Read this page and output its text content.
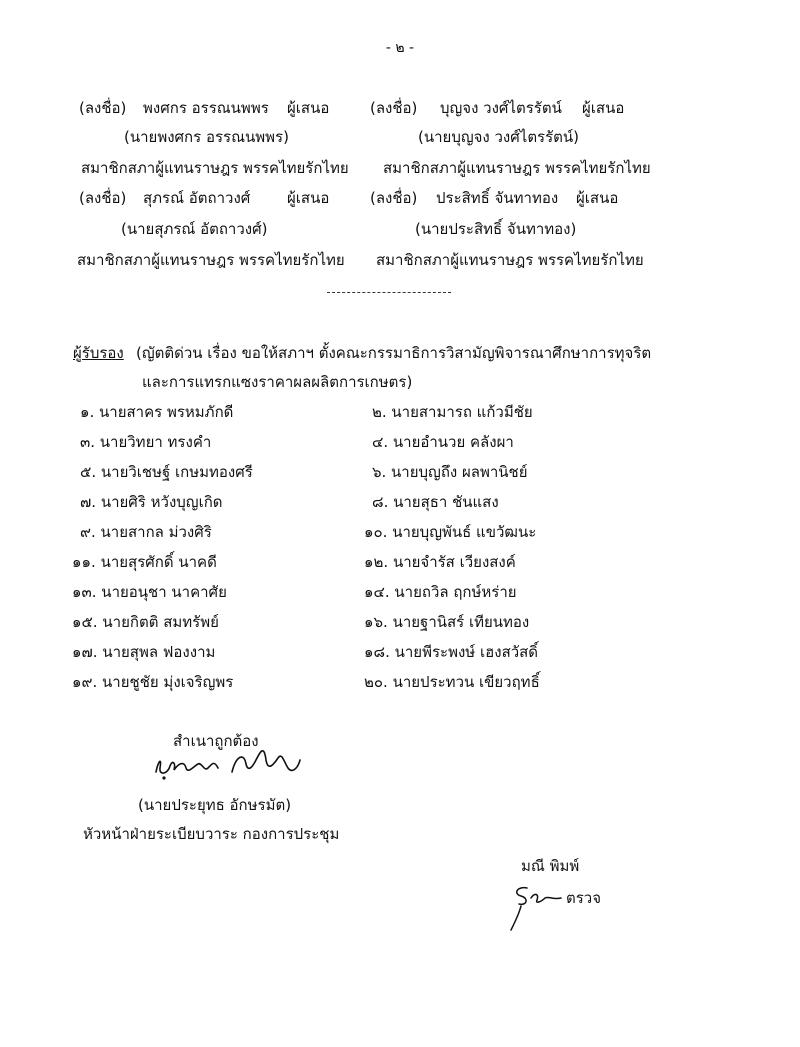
- ๒ -
(ลงชื่อ) พงศกร อรรณนพพร ผู้เสนอ	(ลงชื่อ) บุญจง วงศ์ไตรรัตน์ ผู้เสนอ
(นายพงศกร อรรณนพพร)	(นายบุญจง วงศ์ไตรรัตน์)
สมาชิกสภาผู้แทนราษฎร พรรคไทยรักไทย สมาชิกสภาผู้แทนราษฎร พรรคไทยรักไทย
(ลงชื่อ) สุภรณ์ อัตถาวงศ์ ผู้เสนอ	(ลงชื่อ) ประสิทธิ์ จันทาทอง ผู้เสนอ
(นายสุภรณ์ อัตถาวงศ์)	(นายประสิทธิ์ จันทาทอง)
สมาชิกสภาผู้แทนราษฎร พรรคไทยรักไทย สมาชิกสภาผู้แทนราษฎร พรรคไทยรักไทย
ผู้รับรอง (ญัตติด่วน เรื่อง ขอให้สภาฯ ตั้งคณะกรรมาธิการวิสามัญพิจารณาศึกษาการทุจริต
และการแทรกแซงราคาผลผลิตการเกษตร)
๑. นายสาคร พรหมภักดี	๒. นายสามารถ แก้วมีชัย
๓. นายวิทยา ทรงคำ	๔. นายอำนวย คลังผา
๕. นายวิเชษฐ์ เกษมทองศรี	๖. นายบุญถึง ผลพานิชย์
๗. นายศิริ หวังบุญเกิด	๘. นายสุธา ชันแสง
๙. นายสากล ม่วงศิริ	๑๐. นายบุญพันธ์ แขวัฒนะ
๑๑. นายสุรศักดิ์ นาคดี	๑๒. นายจำรัส เวียงสงค์
๑๓. นายอนุชา นาคาศัย	๑๔. นายถวิล ฤกษ์หร่าย
๑๕. นายกิตติ สมทรัพย์	๑๖. นายฐานิสร์ เทียนทอง
๑๗. นายสุพล ฟองงาม	๑๘. นายพีระพงษ์ เฮงสวัสดิ์
๑๙. นายชูชัย มุ่งเจริญพร	๒๐. นายประทวน เขียวฤทธิ์
สำเนาถูกต้อง
(นายประยุทธ อักษรมัต)
หัวหน้าฝ่ายระเบียบวาระ กองการประชุม
มณี พิมพ์
ตรวจ
